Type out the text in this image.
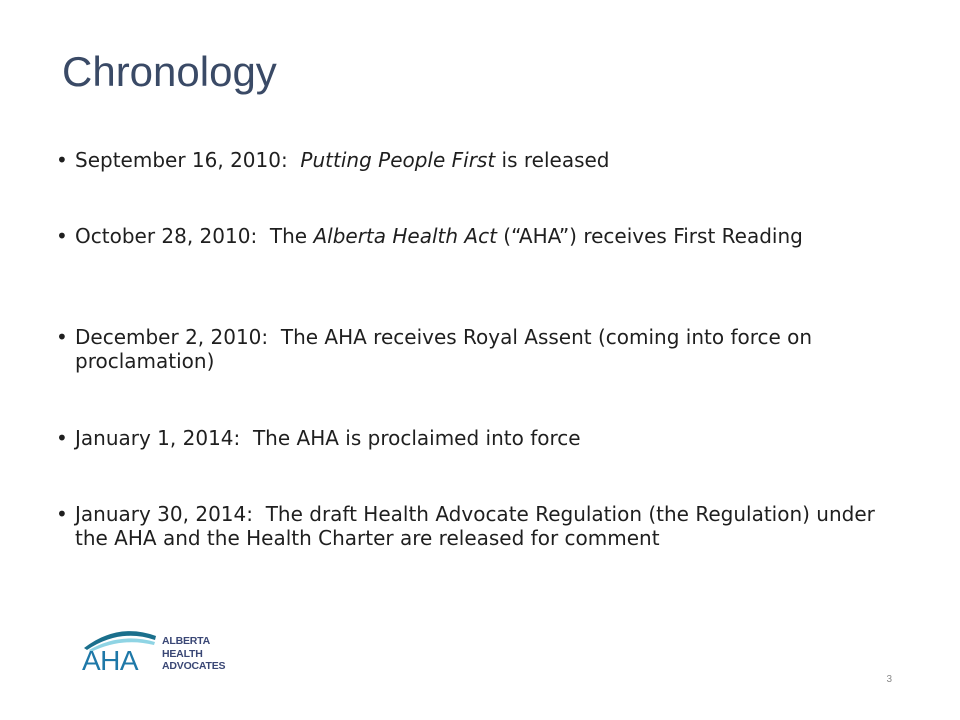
Chronology
• September 16, 2010:  Putting People First is released
• October 28, 2010:  The Alberta Health Act (“AHA”) receives First Reading
• December 2, 2010:  The AHA receives Royal Assent (coming into force on proclamation)
• January 1, 2014:  The AHA is proclaimed into force
• January 30, 2014:  The draft Health Advocate Regulation (the Regulation) under the AHA and the Health Charter are released for comment
AHA
ALBERTA
HEALTH
ADVOCATES
3
